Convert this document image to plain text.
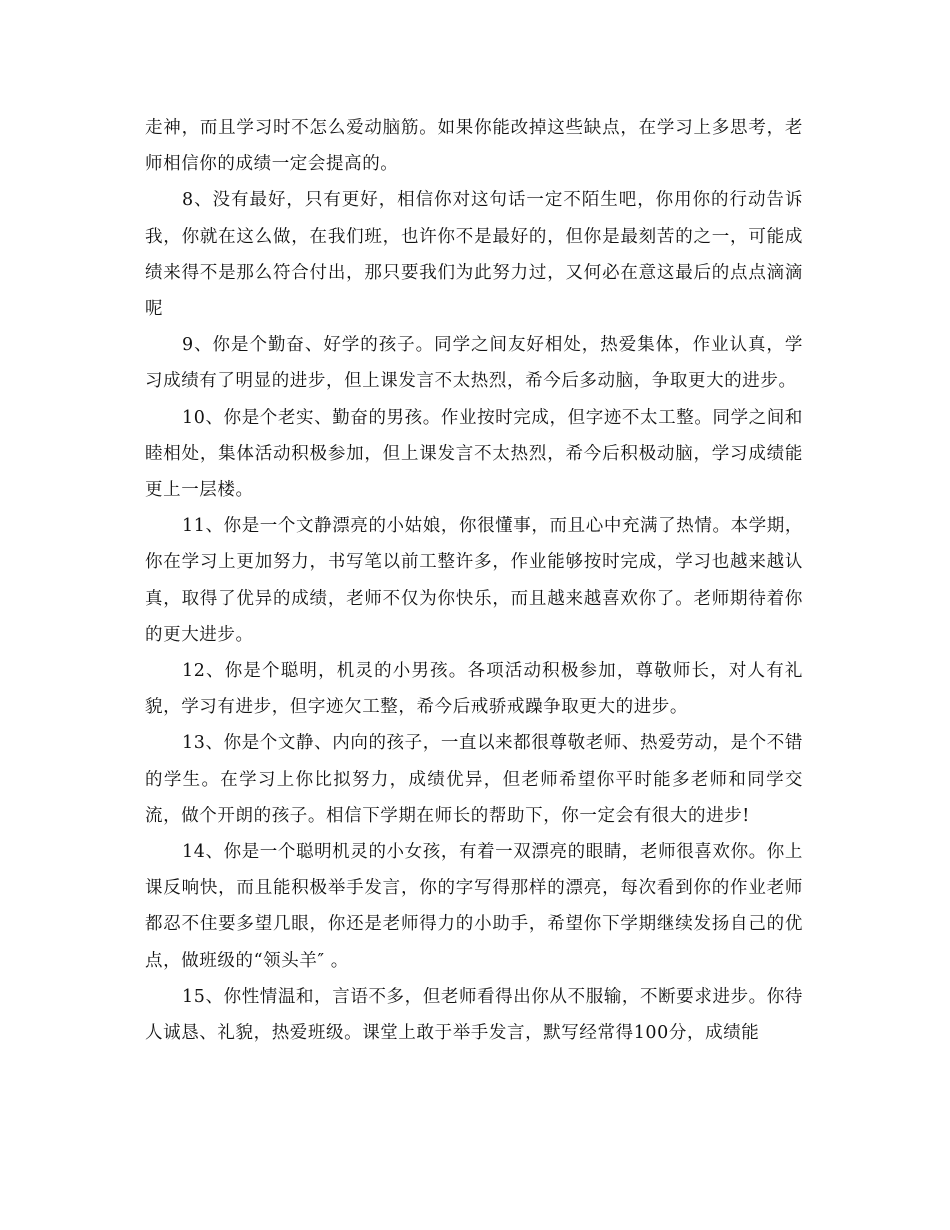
走神，而且学习时不怎么爱动脑筋。如果你能改掉这些缺点，在学习上多思考，老师相信你的成绩一定会提高的。

8、没有最好，只有更好，相信你对这句话一定不陌生吧，你用你的行动告诉我，你就在这么做，在我们班，也许你不是最好的，但你是最刻苦的之一，可能成绩来得不是那么符合付出，那只要我们为此努力过，又何必在意这最后的点点滴滴呢

9、你是个勤奋、好学的孩子。同学之间友好相处，热爱集体，作业认真，学习成绩有了明显的进步，但上课发言不太热烈，希今后多动脑，争取更大的进步。

10、你是个老实、勤奋的男孩。作业按时完成，但字迹不太工整。同学之间和睦相处，集体活动积极参加，但上课发言不太热烈，希今后积极动脑，学习成绩能更上一层楼。

11、你是一个文静漂亮的小姑娘，你很懂事，而且心中充满了热情。本学期，你在学习上更加努力，书写笔以前工整许多，作业能够按时完成，学习也越来越认真，取得了优异的成绩，老师不仅为你快乐，而且越来越喜欢你了。老师期待着你的更大进步。

12、你是个聪明，机灵的小男孩。各项活动积极参加，尊敬师长，对人有礼貌，学习有进步，但字迹欠工整，希今后戒骄戒躁争取更大的进步。

13、你是个文静、内向的孩子，一直以来都很尊敬老师、热爱劳动，是个不错的学生。在学习上你比拟努力，成绩优异，但老师希望你平时能多老师和同学交流，做个开朗的孩子。相信下学期在师长的帮助下，你一定会有很大的进步!

14、你是一个聪明机灵的小女孩，有着一双漂亮的眼睛，老师很喜欢你。你上课反响快，而且能积极举手发言，你的字写得那样的漂亮，每次看到你的作业老师都忍不住要多望几眼，你还是老师得力的小助手，希望你下学期继续发扬自己的优点，做班级的“领头羊″ 。

15、你性情温和，言语不多，但老师看得出你从不服输，不断要求进步。你待人诚恳、礼貌，热爱班级。课堂上敢于举手发言，默写经常得100分，成绩能
